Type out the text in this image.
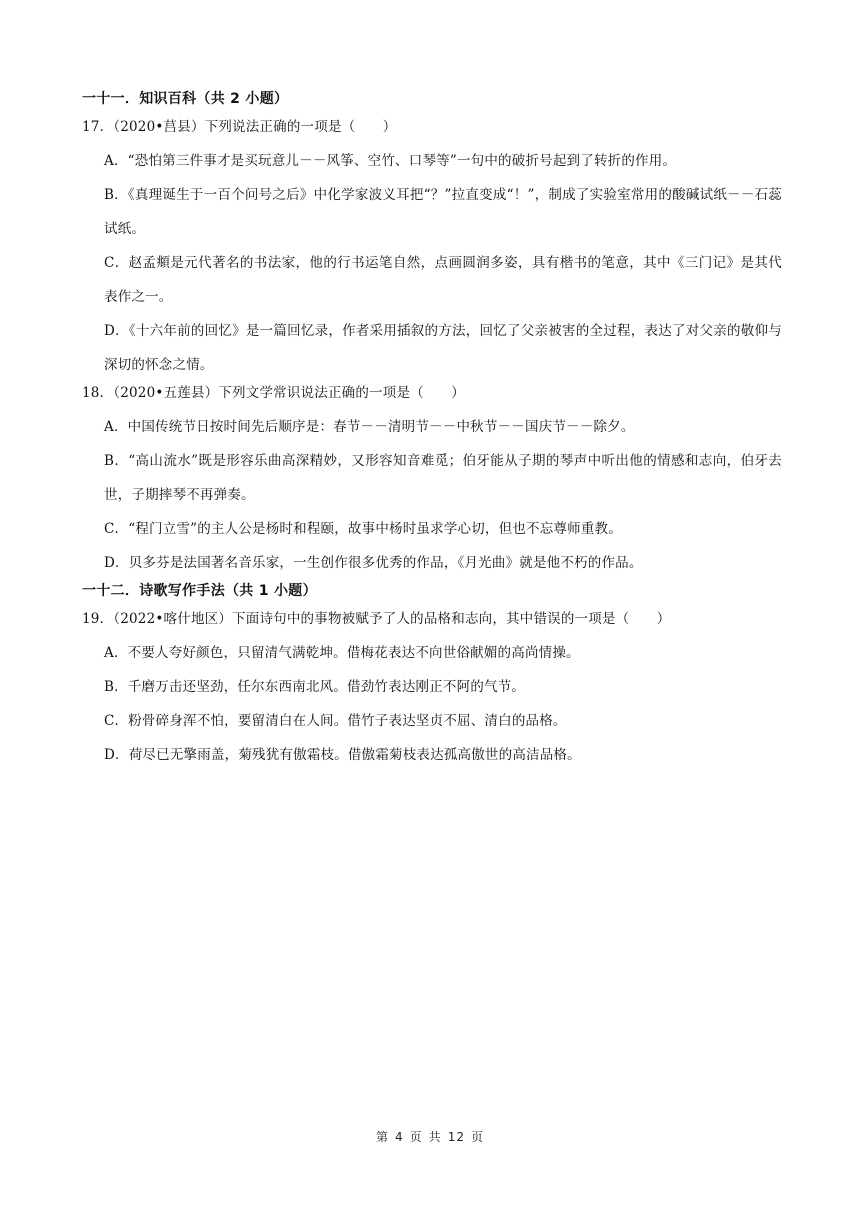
一十一．知识百科（共 2 小题）
17．（2020•莒县）下列说法正确的一项是（　　）
A．“恐怕第三件事才是买玩意儿－－风筝、空竹、口琴等”一句中的破折号起到了转折的作用。
B．《真理诞生于一百个问号之后》中化学家波义耳把“？”拉直变成“！”，制成了实验室常用的酸碱试纸－－石蕊试纸。
C．赵孟頫是元代著名的书法家，他的行书运笔自然，点画圆润多姿，具有楷书的笔意，其中《三门记》是其代表作之一。
D．《十六年前的回忆》是一篇回忆录，作者采用插叙的方法，回忆了父亲被害的全过程，表达了对父亲的敬仰与深切的怀念之情。
18．（2020•五莲县）下列文学常识说法正确的一项是（　　）
A．中国传统节日按时间先后顺序是：春节－－清明节－－中秋节－－国庆节－－除夕。
B．“高山流水”既是形容乐曲高深精妙，又形容知音难觅；伯牙能从子期的琴声中听出他的情感和志向，伯牙去世，子期摔琴不再弹奏。
C．“程门立雪”的主人公是杨时和程颐，故事中杨时虽求学心切，但也不忘尊师重教。
D．贝多芬是法国著名音乐家，一生创作很多优秀的作品，《月光曲》就是他不朽的作品。
一十二．诗歌写作手法（共 1 小题）
19．（2022•喀什地区）下面诗句中的事物被赋予了人的品格和志向，其中错误的一项是（　　）
A．不要人夸好颜色，只留清气满乾坤。借梅花表达不向世俗献媚的高尚情操。
B．千磨万击还坚劲，任尔东西南北风。借劲竹表达刚正不阿的气节。
C．粉骨碎身浑不怕，要留清白在人间。借竹子表达坚贞不屈、清白的品格。
D．荷尽已无擎雨盖，菊残犹有傲霜枝。借傲霜菊枝表达孤高傲世的高洁品格。
第 4 页 共 12 页
